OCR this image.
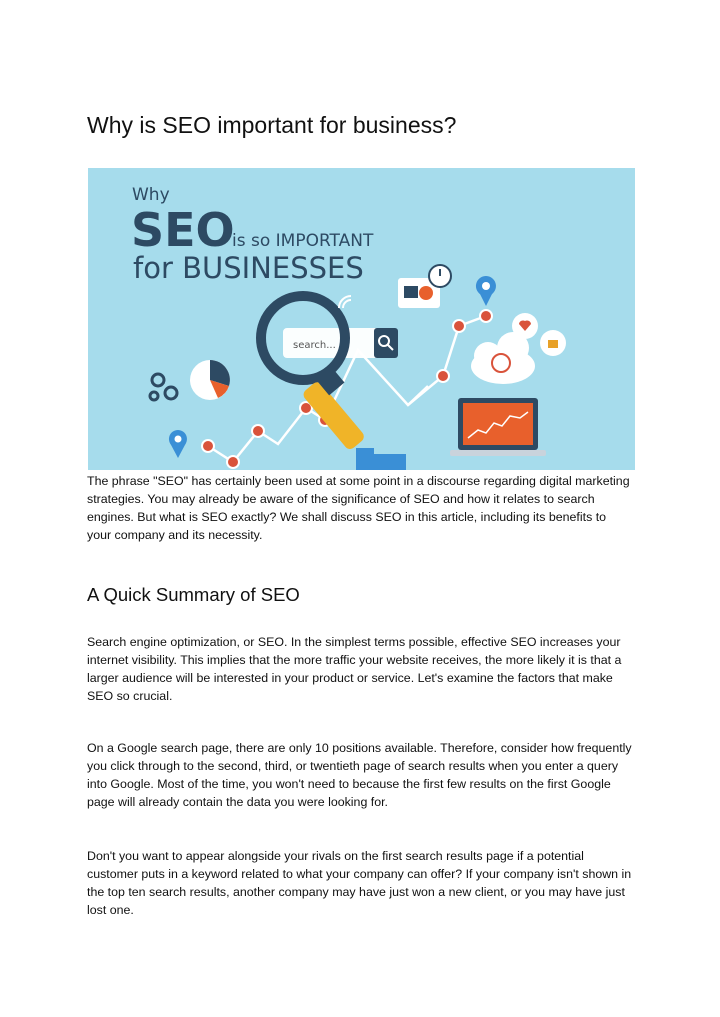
Why is SEO important for business?
Why
SEO
is so IMPORTANT
for BUSINESSES
search...

The phrase "SEO" has certainly been used at some point in a discourse regarding digital marketing strategies. You may already be aware of the significance of SEO and how it relates to search engines. But what is SEO exactly? We shall discuss SEO in this article, including its benefits to your company and its necessity.

A Quick Summary of SEO

Search engine optimization, or SEO. In the simplest terms possible, effective SEO increases your internet visibility. This implies that the more traffic your website receives, the more likely it is that a larger audience will be interested in your product or service. Let's examine the factors that make SEO so crucial.

On a Google search page, there are only 10 positions available. Therefore, consider how frequently you click through to the second, third, or twentieth page of search results when you enter a query into Google. Most of the time, you won't need to because the first few results on the first Google page will already contain the data you were looking for.

Don't you want to appear alongside your rivals on the first search results page if a potential customer puts in a keyword related to what your company can offer? If your company isn't shown in the top ten search results, another company may have just won a new client, or you may have just lost one.
